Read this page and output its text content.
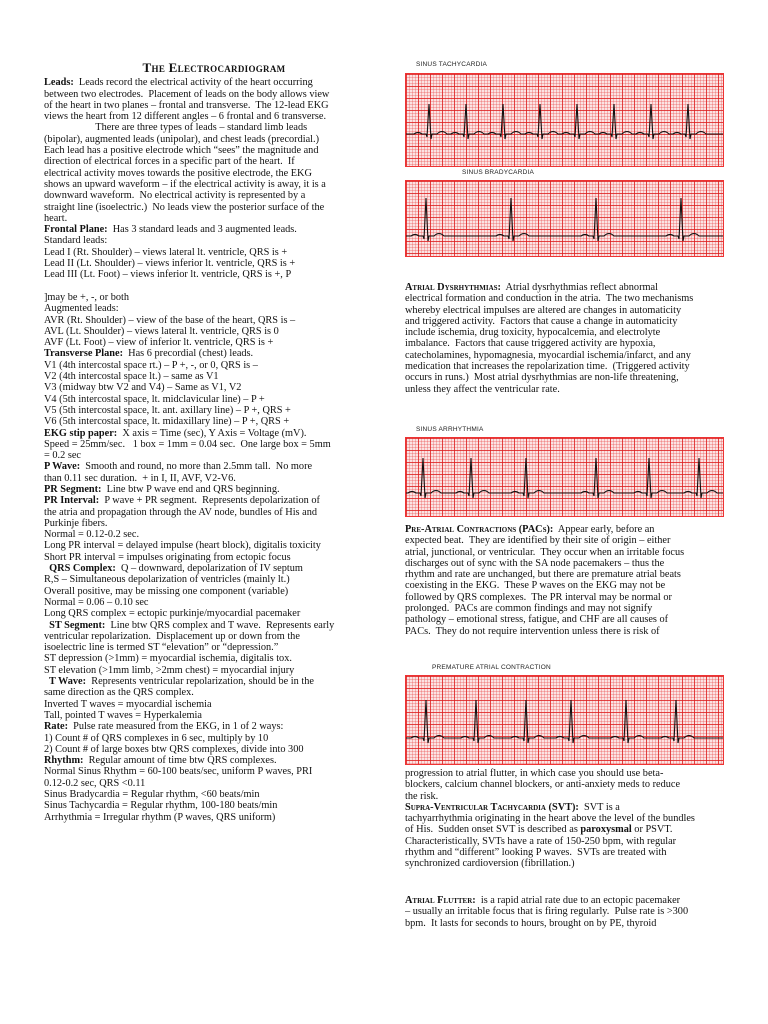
The Electrocardiogram
Leads:  Leads record the electrical activity of the heart occurring
between two electrodes.  Placement of leads on the body allows view
of the heart in two planes – frontal and transverse.  The 12-lead EKG
views the heart from 12 different angles – 6 frontal and 6 transverse.
There are three types of leads – standard limb leads
(bipolar), augmented leads (unipolar), and chest leads (precordial.)
Each lead has a positive electrode which “sees” the magnitude and
direction of electrical forces in a specific part of the heart.  If
electrical activity moves towards the positive electrode, the EKG
shows an upward waveform – if the electrical activity is away, it is a
downward waveform.  No electrical activity is represented by a
straight line (isoelectric.)  No leads view the posterior surface of the
heart.
Frontal Plane:  Has 3 standard leads and 3 augmented leads.
Standard leads:
Lead I (Rt. Shoulder) – views lateral lt. ventricle, QRS is +
Lead II (Lt. Shoulder) – views inferior lt. ventricle, QRS is +
Lead III (Lt. Foot) – views inferior lt. ventricle, QRS is +, P

]may be +, -, or both
Augmented leads:
AVR (Rt. Shoulder) – view of the base of the heart, QRS is –
AVL (Lt. Shoulder) – views lateral lt. ventricle, QRS is 0
AVF (Lt. Foot) – view of inferior lt. ventricle, QRS is +
Transverse Plane:  Has 6 precordial (chest) leads.
V1 (4th intercostal space rt.) – P +, -, or 0, QRS is –
V2 (4th intercostal space lt.) – same as V1
V3 (midway btw V2 and V4) – Same as V1, V2
V4 (5th intercostal space, lt. midclavicular line) – P +
V5 (5th intercostal space, lt. ant. axillary line) – P +, QRS +
V6 (5th intercostal space, lt. midaxillary line) – P +, QRS +
EKG stip paper:  X axis = Time (sec), Y Axis = Voltage (mV).
Speed = 25mm/sec.   1 box = 1mm = 0.04 sec.  One large box = 5mm
= 0.2 sec
P Wave:  Smooth and round, no more than 2.5mm tall.  No more
than 0.11 sec duration.  + in I, II, AVF, V2-V6.
PR Segment:  Line btw P wave end and QRS beginning.
PR Interval:  P wave + PR segment.  Represents depolarization of
the atria and propagation through the AV node, bundles of His and
Purkinje fibers.
Normal = 0.12-0.2 sec.
Long PR interval = delayed impulse (heart block), digitalis toxicity
Short PR interval = impulses originating from ectopic focus
QRS Complex:  Q – downward, depolarization of IV septum
R,S – Simultaneous depolarization of ventricles (mainly lt.)
Overall positive, may be missing one component (variable)
Normal = 0.06 – 0.10 sec
Long QRS complex = ectopic purkinje/myocardial pacemaker
ST Segment:  Line btw QRS complex and T wave.  Represents early
ventricular repolarization.  Displacement up or down from the
isoelectric line is termed ST “elevation” or “depression.”
ST depression (>1mm) = myocardial ischemia, digitalis tox.
ST elevation (>1mm limb, >2mm chest) = myocardial injury
T Wave:  Represents ventricular repolarization, should be in the
same direction as the QRS complex.
Inverted T waves = myocardial ischemia
Tall, pointed T waves = Hyperkalemia
Rate:  Pulse rate measured from the EKG, in 1 of 2 ways:
1) Count # of QRS complexes in 6 sec, multiply by 10
2) Count # of large boxes btw QRS complexes, divide into 300
Rhythm:  Regular amount of time btw QRS complexes.
Normal Sinus Rhythm = 60-100 beats/sec, uniform P waves, PRI
0.12-0.2 sec, QRS <0.11
Sinus Bradycardia = Regular rhythm, <60 beats/min
Sinus Tachycardia = Regular rhythm, 100-180 beats/min
Arrhythmia = Irregular rhythm (P waves, QRS uniform)
SINUS TACHYCARDIA
SINUS BRADYCARDIA
SINUS ARRHYTHMIA
PREMATURE ATRIAL CONTRACTION
Atrial Dysrhythmias:  Atrial dysrhythmias reflect abnormal
electrical formation and conduction in the atria.  The two mechanisms
whereby electrical impulses are altered are changes in automaticity
and triggered activity.  Factors that cause a change in automaticity
include ischemia, drug toxicity, hypocalcemia, and electrolyte
imbalance.  Factors that cause triggered activity are hypoxia,
catecholamines, hypomagnesia, myocardial ischemia/infarct, and any
medication that increases the repolarization time.  (Triggered activity
occurs in runs.)  Most atrial dysrhythmias are non-life threatening,
unless they affect the ventricular rate.
Pre-Atrial Contractions (PACs):  Appear early, before an
expected beat.  They are identified by their site of origin – either
atrial, junctional, or ventricular.  They occur when an irritable focus
discharges out of sync with the SA node pacemakers – thus the
rhythm and rate are unchanged, but there are premature atrial beats
coexisting in the EKG.  These P waves on the EKG may not be
followed by QRS complexes.  The PR interval may be normal or
prolonged.  PACs are common findings and may not signify
pathology – emotional stress, fatigue, and CHF are all causes of
PACs.  They do not require intervention unless there is risk of
progression to atrial flutter, in which case you should use beta-
blockers, calcium channel blockers, or anti-anxiety meds to reduce
the risk.
Supra-Ventricular Tachycardia (SVT):  SVT is a
tachyarrhythmia originating in the heart above the level of the bundles
of His.  Sudden onset SVT is described as paroxysmal or PSVT.
Characteristically, SVTs have a rate of 150-250 bpm, with regular
rhythm and “different” looking P waves.  SVTs are treated with
synchronized cardioversion (fibrillation.)
Atrial Flutter:  is a rapid atrial rate due to an ectopic pacemaker
– usually an irritable focus that is firing regularly.  Pulse rate is >300
bpm.  It lasts for seconds to hours, brought on by PE, thyroid
